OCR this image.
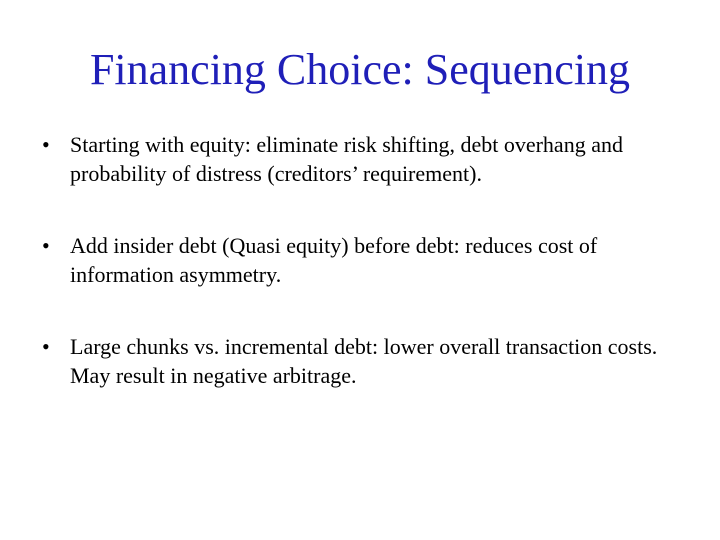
Financing Choice: Sequencing
• Starting with equity: eliminate risk shifting, debt overhang and probability of distress (creditors’ requirement).
• Add insider debt (Quasi equity) before debt: reduces cost of information asymmetry.
• Large chunks vs. incremental debt: lower overall transaction costs. May result in negative arbitrage.
